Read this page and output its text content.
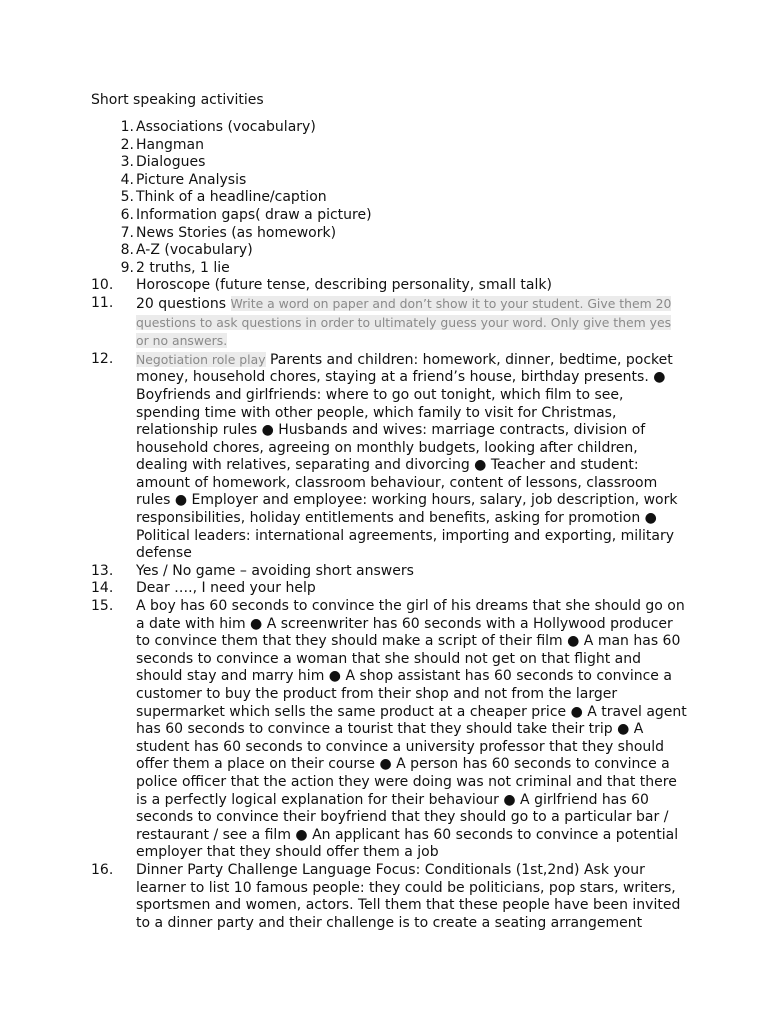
Short speaking activities
1. Associations (vocabulary)
2. Hangman
3. Dialogues
4. Picture Analysis
5. Think of a headline/caption
6. Information gaps( draw a picture)
7. News Stories (as homework)
8. A-Z (vocabulary)
9. 2 truths, 1 lie
10.	Horoscope (future tense, describing personality, small talk)
11.	20 questions Write a word on paper and don’t show it to your student. Give them 20 questions to ask questions in order to ultimately guess your word. Only give them yes or no answers.
12.	Negotiation role play Parents and children: homework, dinner, bedtime, pocket money, household chores, staying at a friend’s house, birthday presents. ● Boyfriends and girlfriends: where to go out tonight, which film to see, spending time with other people, which family to visit for Christmas, relationship rules ● Husbands and wives: marriage contracts, division of household chores, agreeing on monthly budgets, looking after children, dealing with relatives, separating and divorcing ● Teacher and student: amount of homework, classroom behaviour, content of lessons, classroom rules ● Employer and employee: working hours, salary, job description, work responsibilities, holiday entitlements and benefits, asking for promotion ● Political leaders: international agreements, importing and exporting, military defense
13.	Yes / No game – avoiding short answers
14.	Dear …., I need your help
15.	A boy has 60 seconds to convince the girl of his dreams that she should go on a date with him ● A screenwriter has 60 seconds with a Hollywood producer to convince them that they should make a script of their film ● A man has 60 seconds to convince a woman that she should not get on that flight and should stay and marry him ● A shop assistant has 60 seconds to convince a customer to buy the product from their shop and not from the larger supermarket which sells the same product at a cheaper price ● A travel agent has 60 seconds to convince a tourist that they should take their trip ● A student has 60 seconds to convince a university professor that they should offer them a place on their course ● A person has 60 seconds to convince a police officer that the action they were doing was not criminal and that there is a perfectly logical explanation for their behaviour ● A girlfriend has 60 seconds to convince their boyfriend that they should go to a particular bar / restaurant / see a film ● An applicant has 60 seconds to convince a potential employer that they should offer them a job
16.	Dinner Party Challenge Language Focus: Conditionals (1st,2nd) Ask your learner to list 10 famous people: they could be politicians, pop stars, writers, sportsmen and women, actors. Tell them that these people have been invited to a dinner party and their challenge is to create a seating arrangement
